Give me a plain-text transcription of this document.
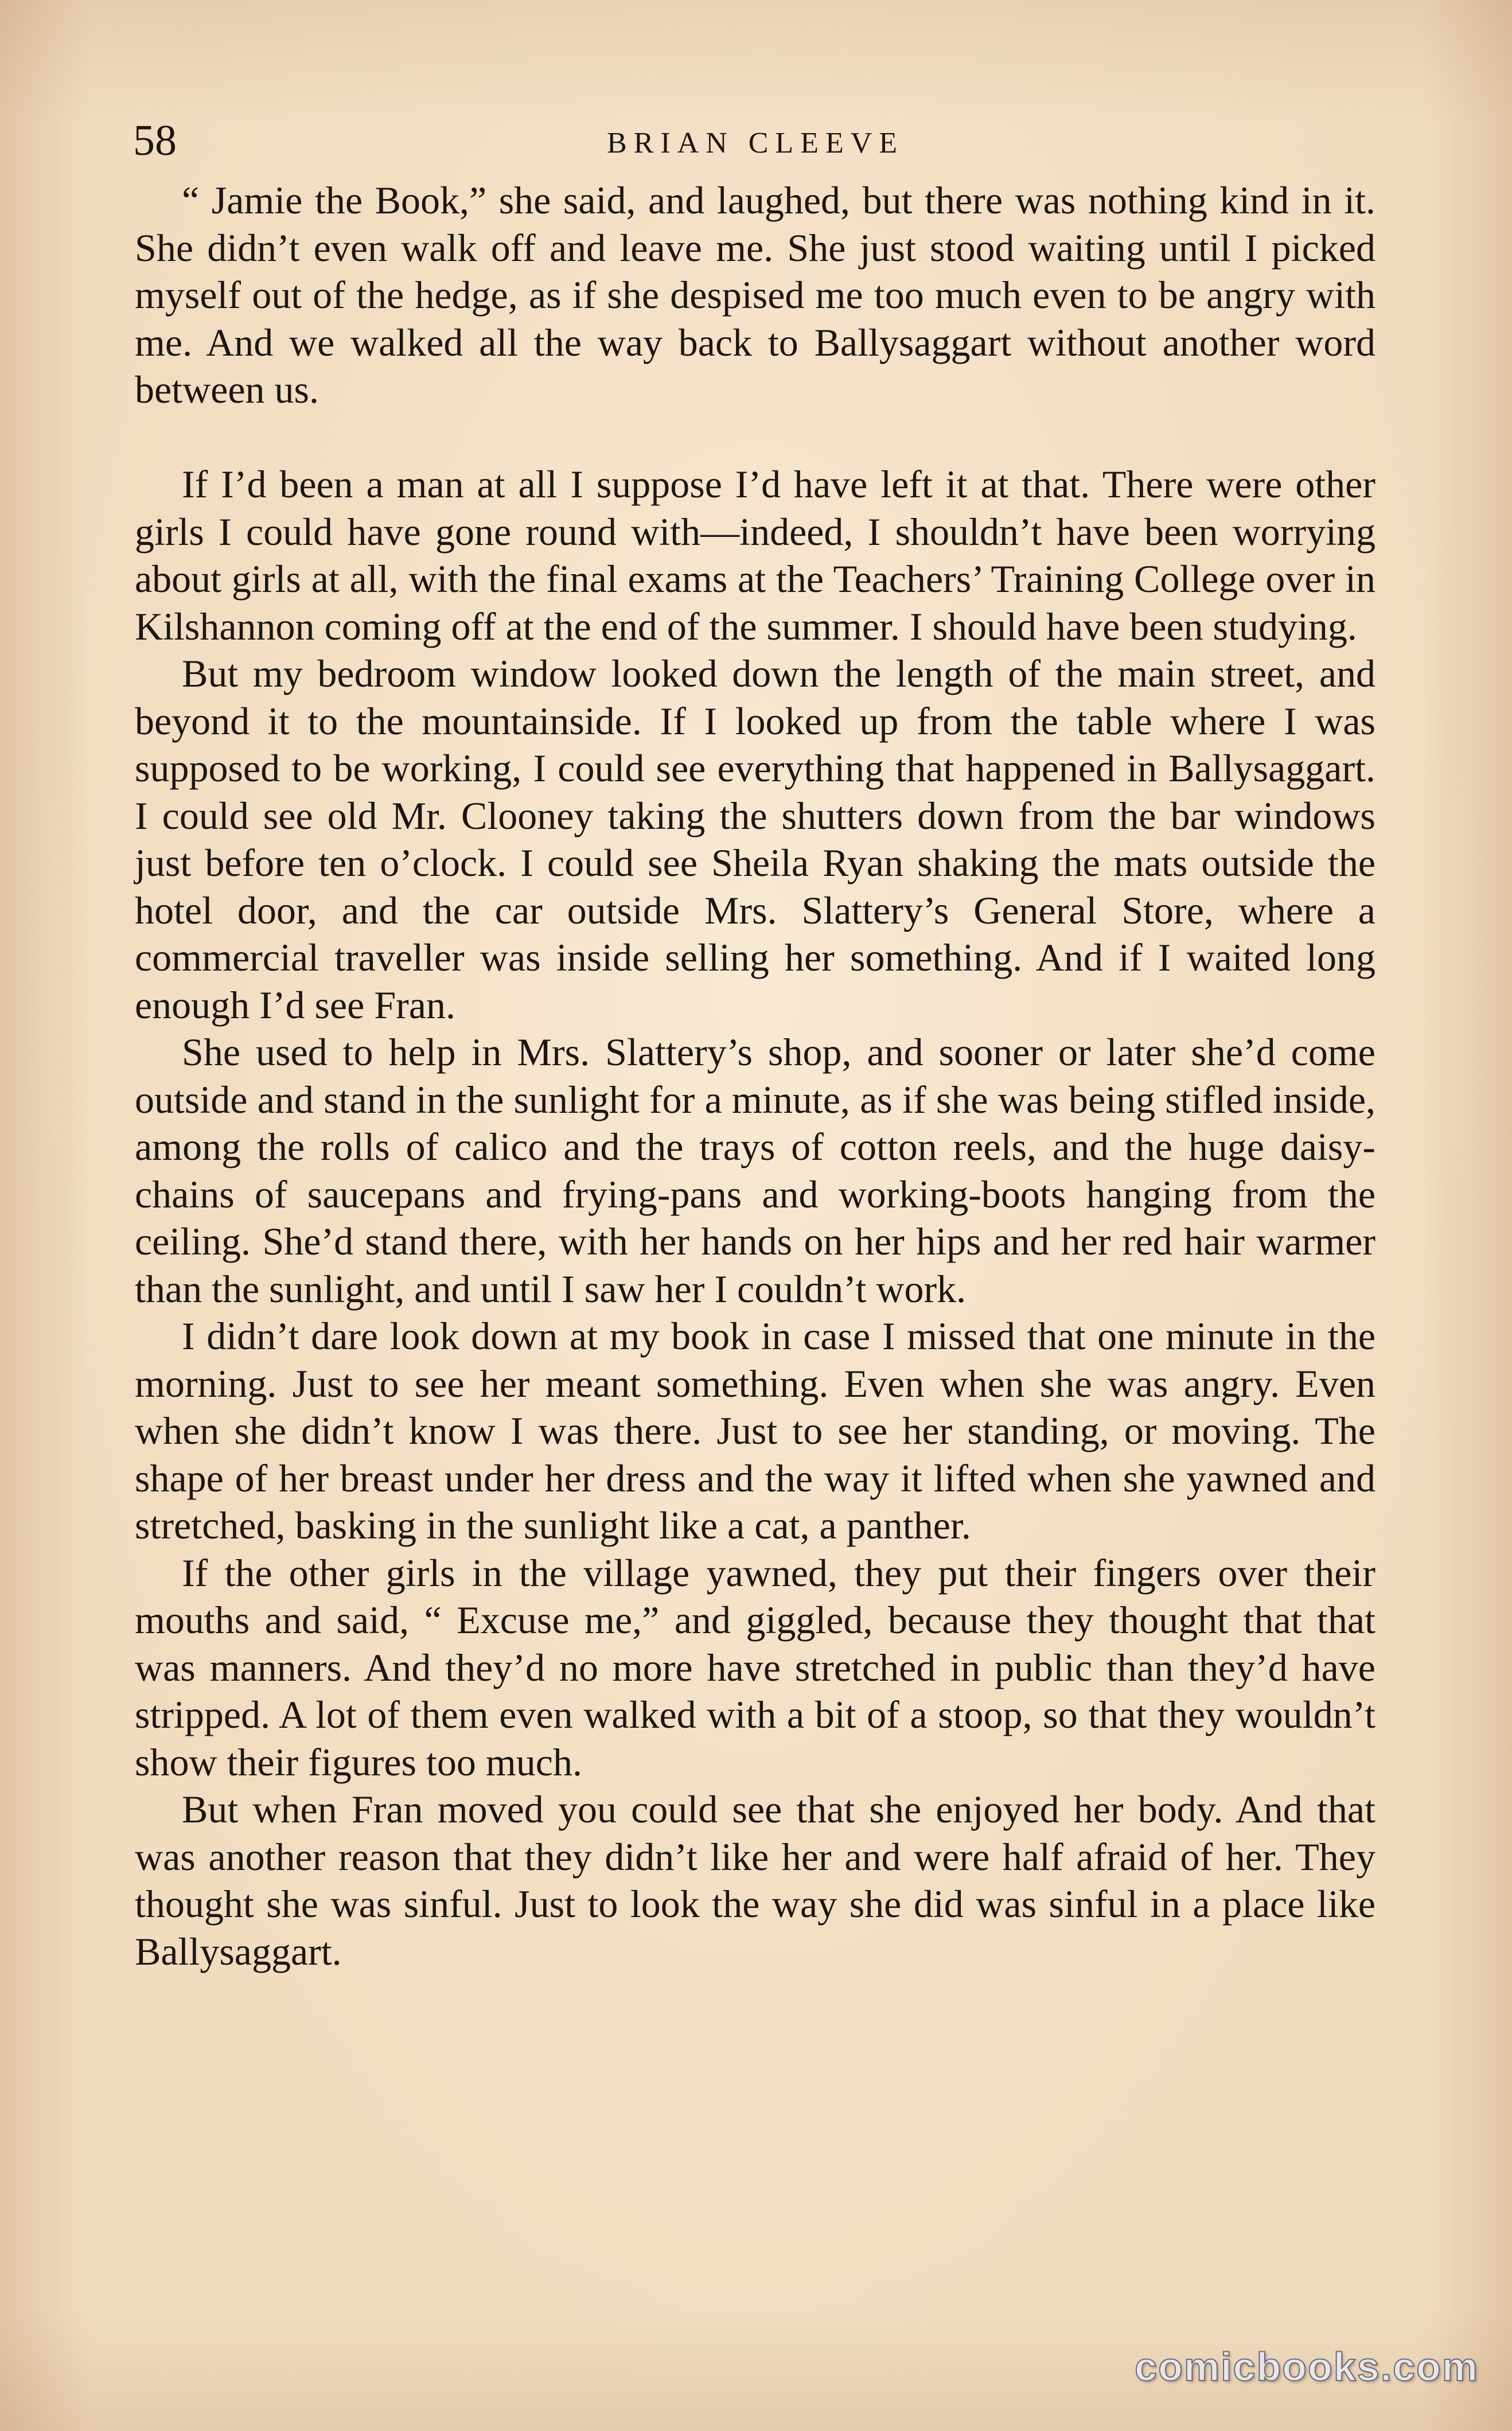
58	BRIAN CLEEVE

“ Jamie the Book,” she said, and laughed, but there was nothing kind in it. She didn’t even walk off and leave me. She just stood waiting until I picked myself out of the hedge, as if she despised me too much even to be angry with me. And we walked all the way back to Ballysaggart without another word between us.

If I’d been a man at all I suppose I’d have left it at that. There were other girls I could have gone round with—indeed, I shouldn’t have been worrying about girls at all, with the final exams at the Teachers’ Training College over in Kilshannon coming off at the end of the summer. I should have been studying.

But my bedroom window looked down the length of the main street, and beyond it to the mountainside. If I looked up from the table where I was supposed to be working, I could see everything that happened in Ballysaggart. I could see old Mr. Clooney taking the shutters down from the bar windows just before ten o’clock. I could see Sheila Ryan shaking the mats outside the hotel door, and the car outside Mrs. Slattery’s General Store, where a commercial traveller was inside selling her something. And if I waited long enough I’d see Fran.

She used to help in Mrs. Slattery’s shop, and sooner or later she’d come outside and stand in the sunlight for a minute, as if she was being stifled inside, among the rolls of calico and the trays of cotton reels, and the huge daisy-chains of saucepans and frying-pans and working-boots hanging from the ceiling. She’d stand there, with her hands on her hips and her red hair warmer than the sunlight, and until I saw her I couldn’t work.

I didn’t dare look down at my book in case I missed that one minute in the morning. Just to see her meant something. Even when she was angry. Even when she didn’t know I was there. Just to see her standing, or moving. The shape of her breast under her dress and the way it lifted when she yawned and stretched, basking in the sunlight like a cat, a panther.

If the other girls in the village yawned, they put their fingers over their mouths and said, “ Excuse me,” and giggled, because they thought that that was manners. And they’d no more have stretched in public than they’d have stripped. A lot of them even walked with a bit of a stoop, so that they wouldn’t show their figures too much.

But when Fran moved you could see that she enjoyed her body. And that was another reason that they didn’t like her and were half afraid of her. They thought she was sinful. Just to look the way she did was sinful in a place like Ballysaggart.

comicbooks.com
